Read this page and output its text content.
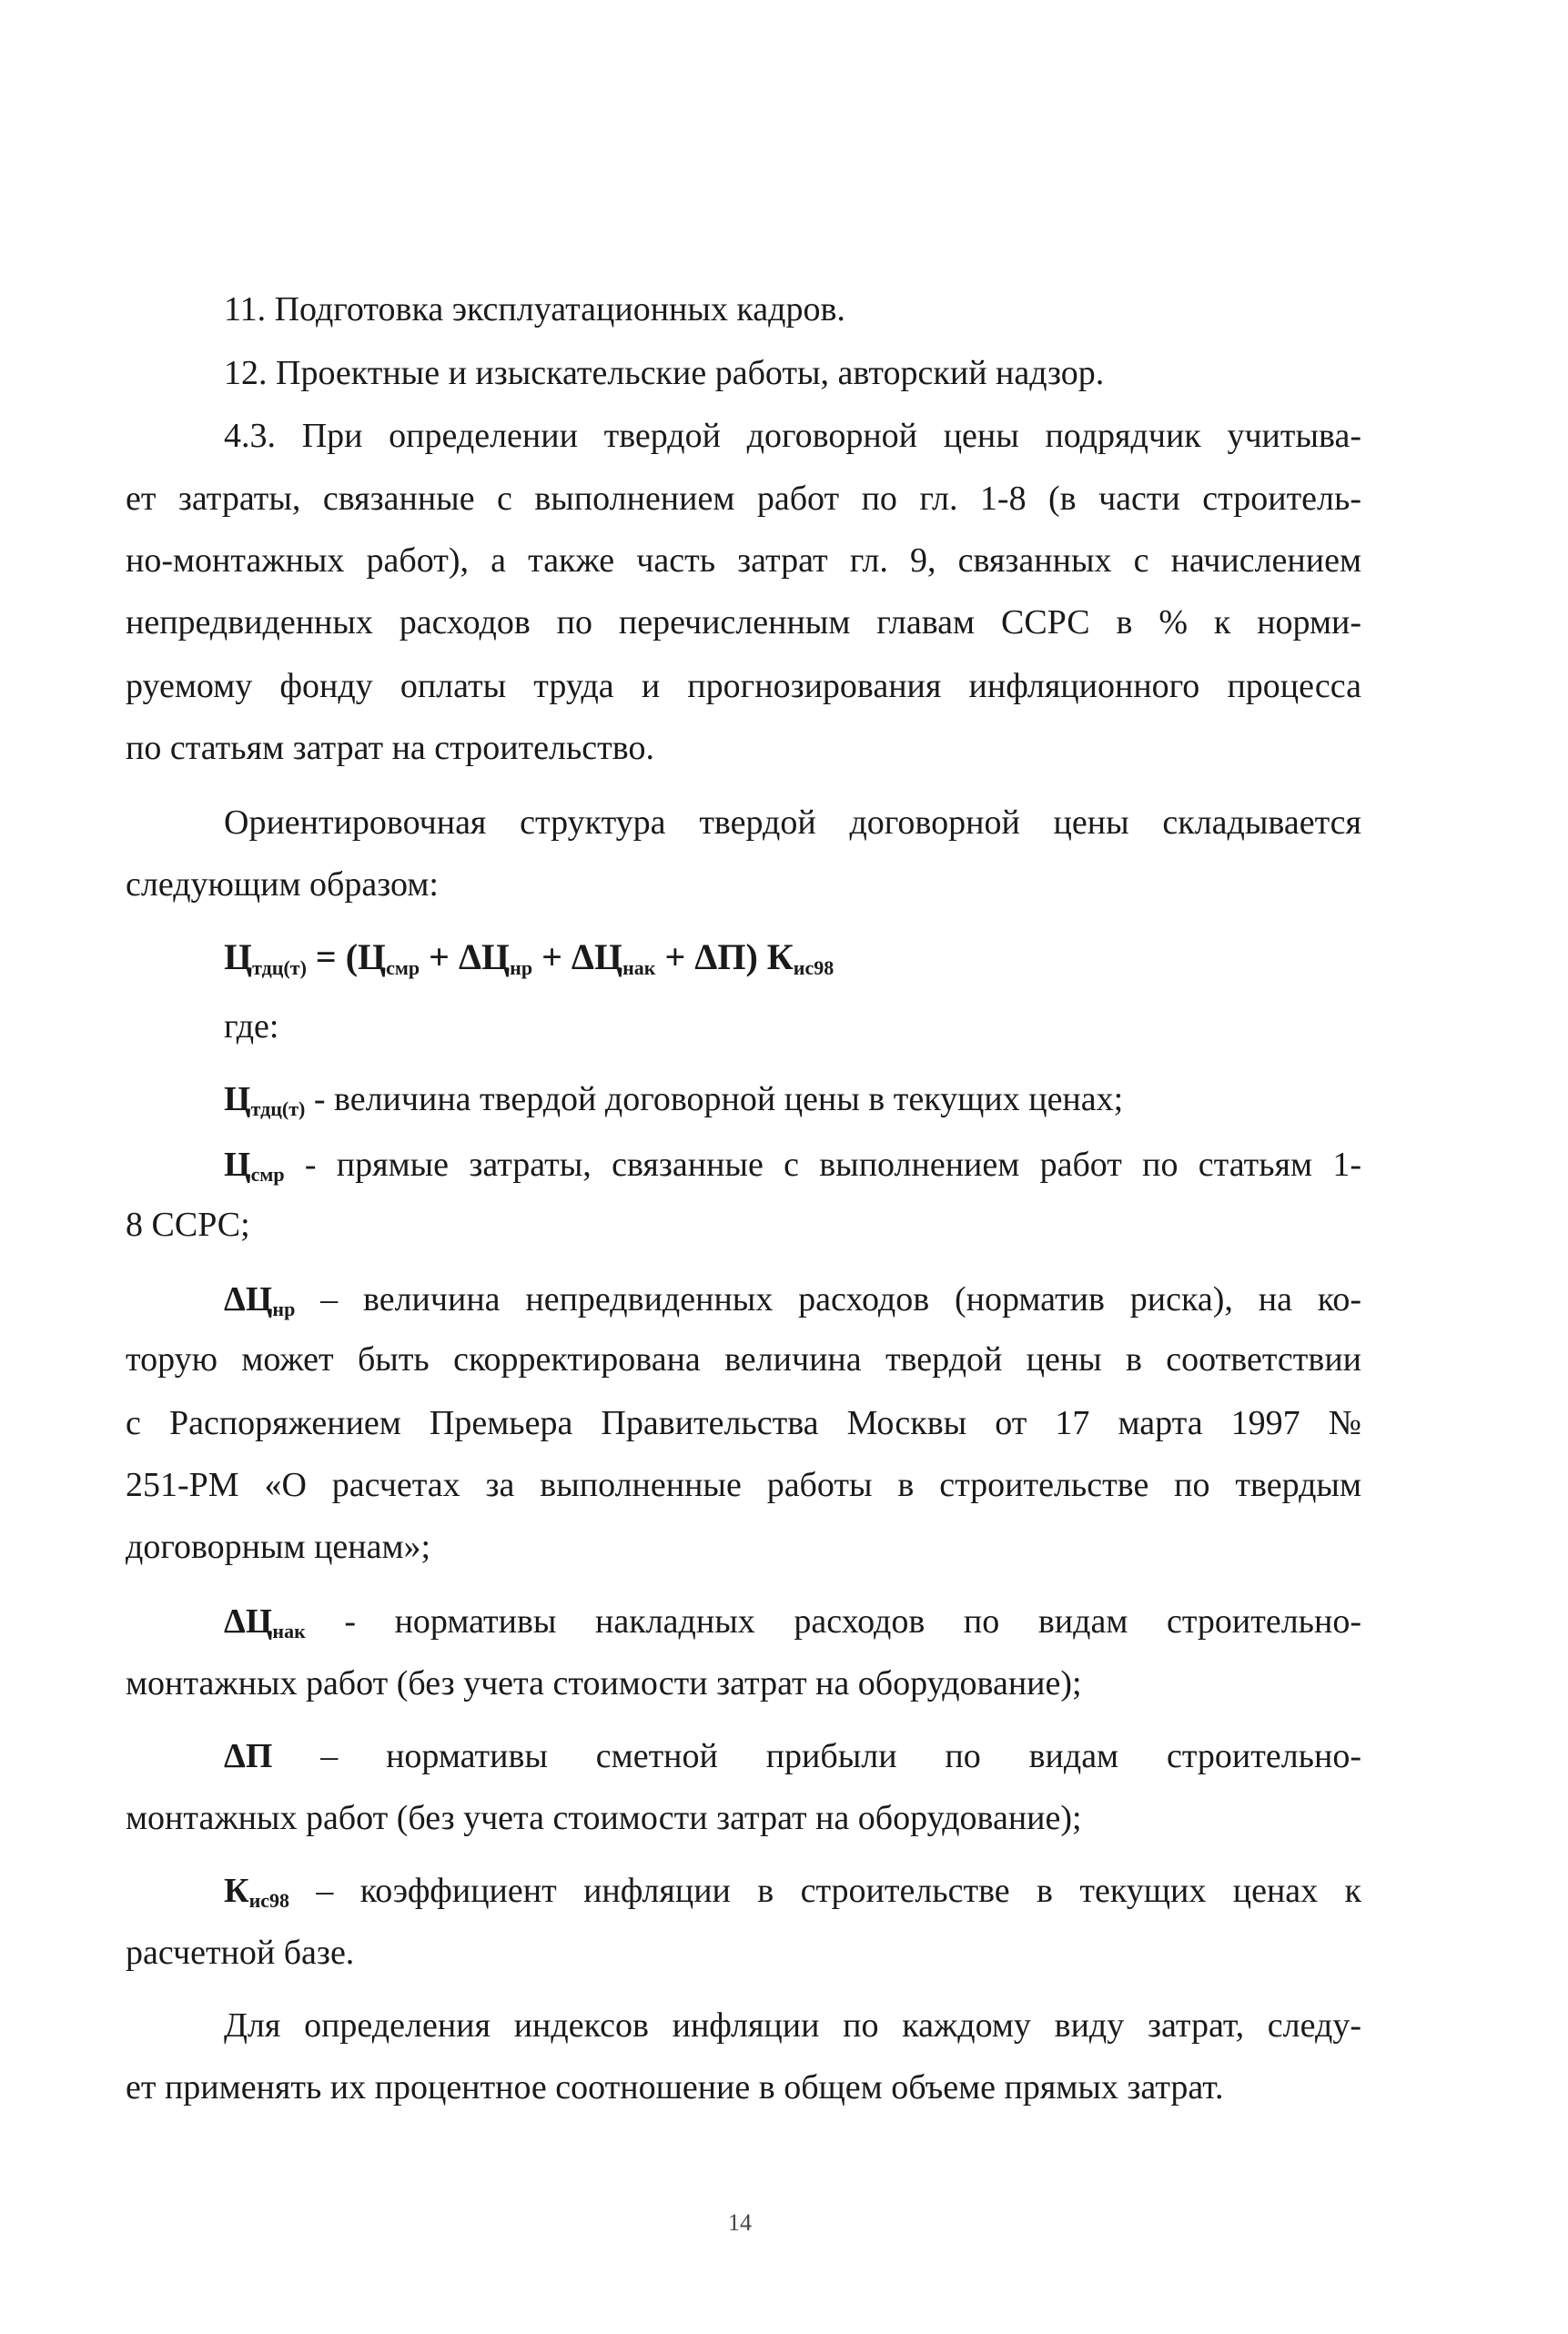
11. Подготовка эксплуатационных кадров.
12. Проектные и изыскательские работы, авторский надзор.
4.3. При определении твердой договорной цены подрядчик учитыва-
ет затраты, связанные с выполнением работ по гл. 1-8 (в части строитель-
но-монтажных работ), а также часть затрат гл. 9, связанных с начислением
непредвиденных расходов по перечисленным главам ССРС в % к норми-
руемому фонду оплаты труда и прогнозирования инфляционного процесса
по статьям затрат на строительство.
Ориентировочная структура твердой договорной цены складывается
следующим образом:
$Ц_{тдц(т)} = (Ц_{смр} + \Delta Ц_{нр} + \Delta Ц_{нак} + \Delta П)$ $К_{ис98}$
где:
$Ц_{тдц(т)}$ - величина твердой договорной цены в текущих ценах;
$Ц_{смр}$ - прямые затраты, связанные с выполнением работ по статьям 1-
8 ССРС;
$\Delta Ц_{нр}$ – величина непредвиденных расходов (норматив риска), на ко-
торую может быть скорректирована величина твердой цены в соответствии
с Распоряжением Премьера Правительства Москвы от 17 марта 1997 №
251-РМ «О расчетах за выполненные работы в строительстве по твердым
договорным ценам»;
$\Delta Ц_{нак}$ - нормативы накладных расходов по видам строительно-
монтажных работ (без учета стоимости затрат на оборудование);
ΔП – нормативы сметной прибыли по видам строительно-
монтажных работ (без учета стоимости затрат на оборудование);
$К_{ис98}$ – коэффициент инфляции в строительстве в текущих ценах к
расчетной базе.
Для определения индексов инфляции по каждому виду затрат, следу-
ет применять их процентное соотношение в общем объеме прямых затрат.
14
